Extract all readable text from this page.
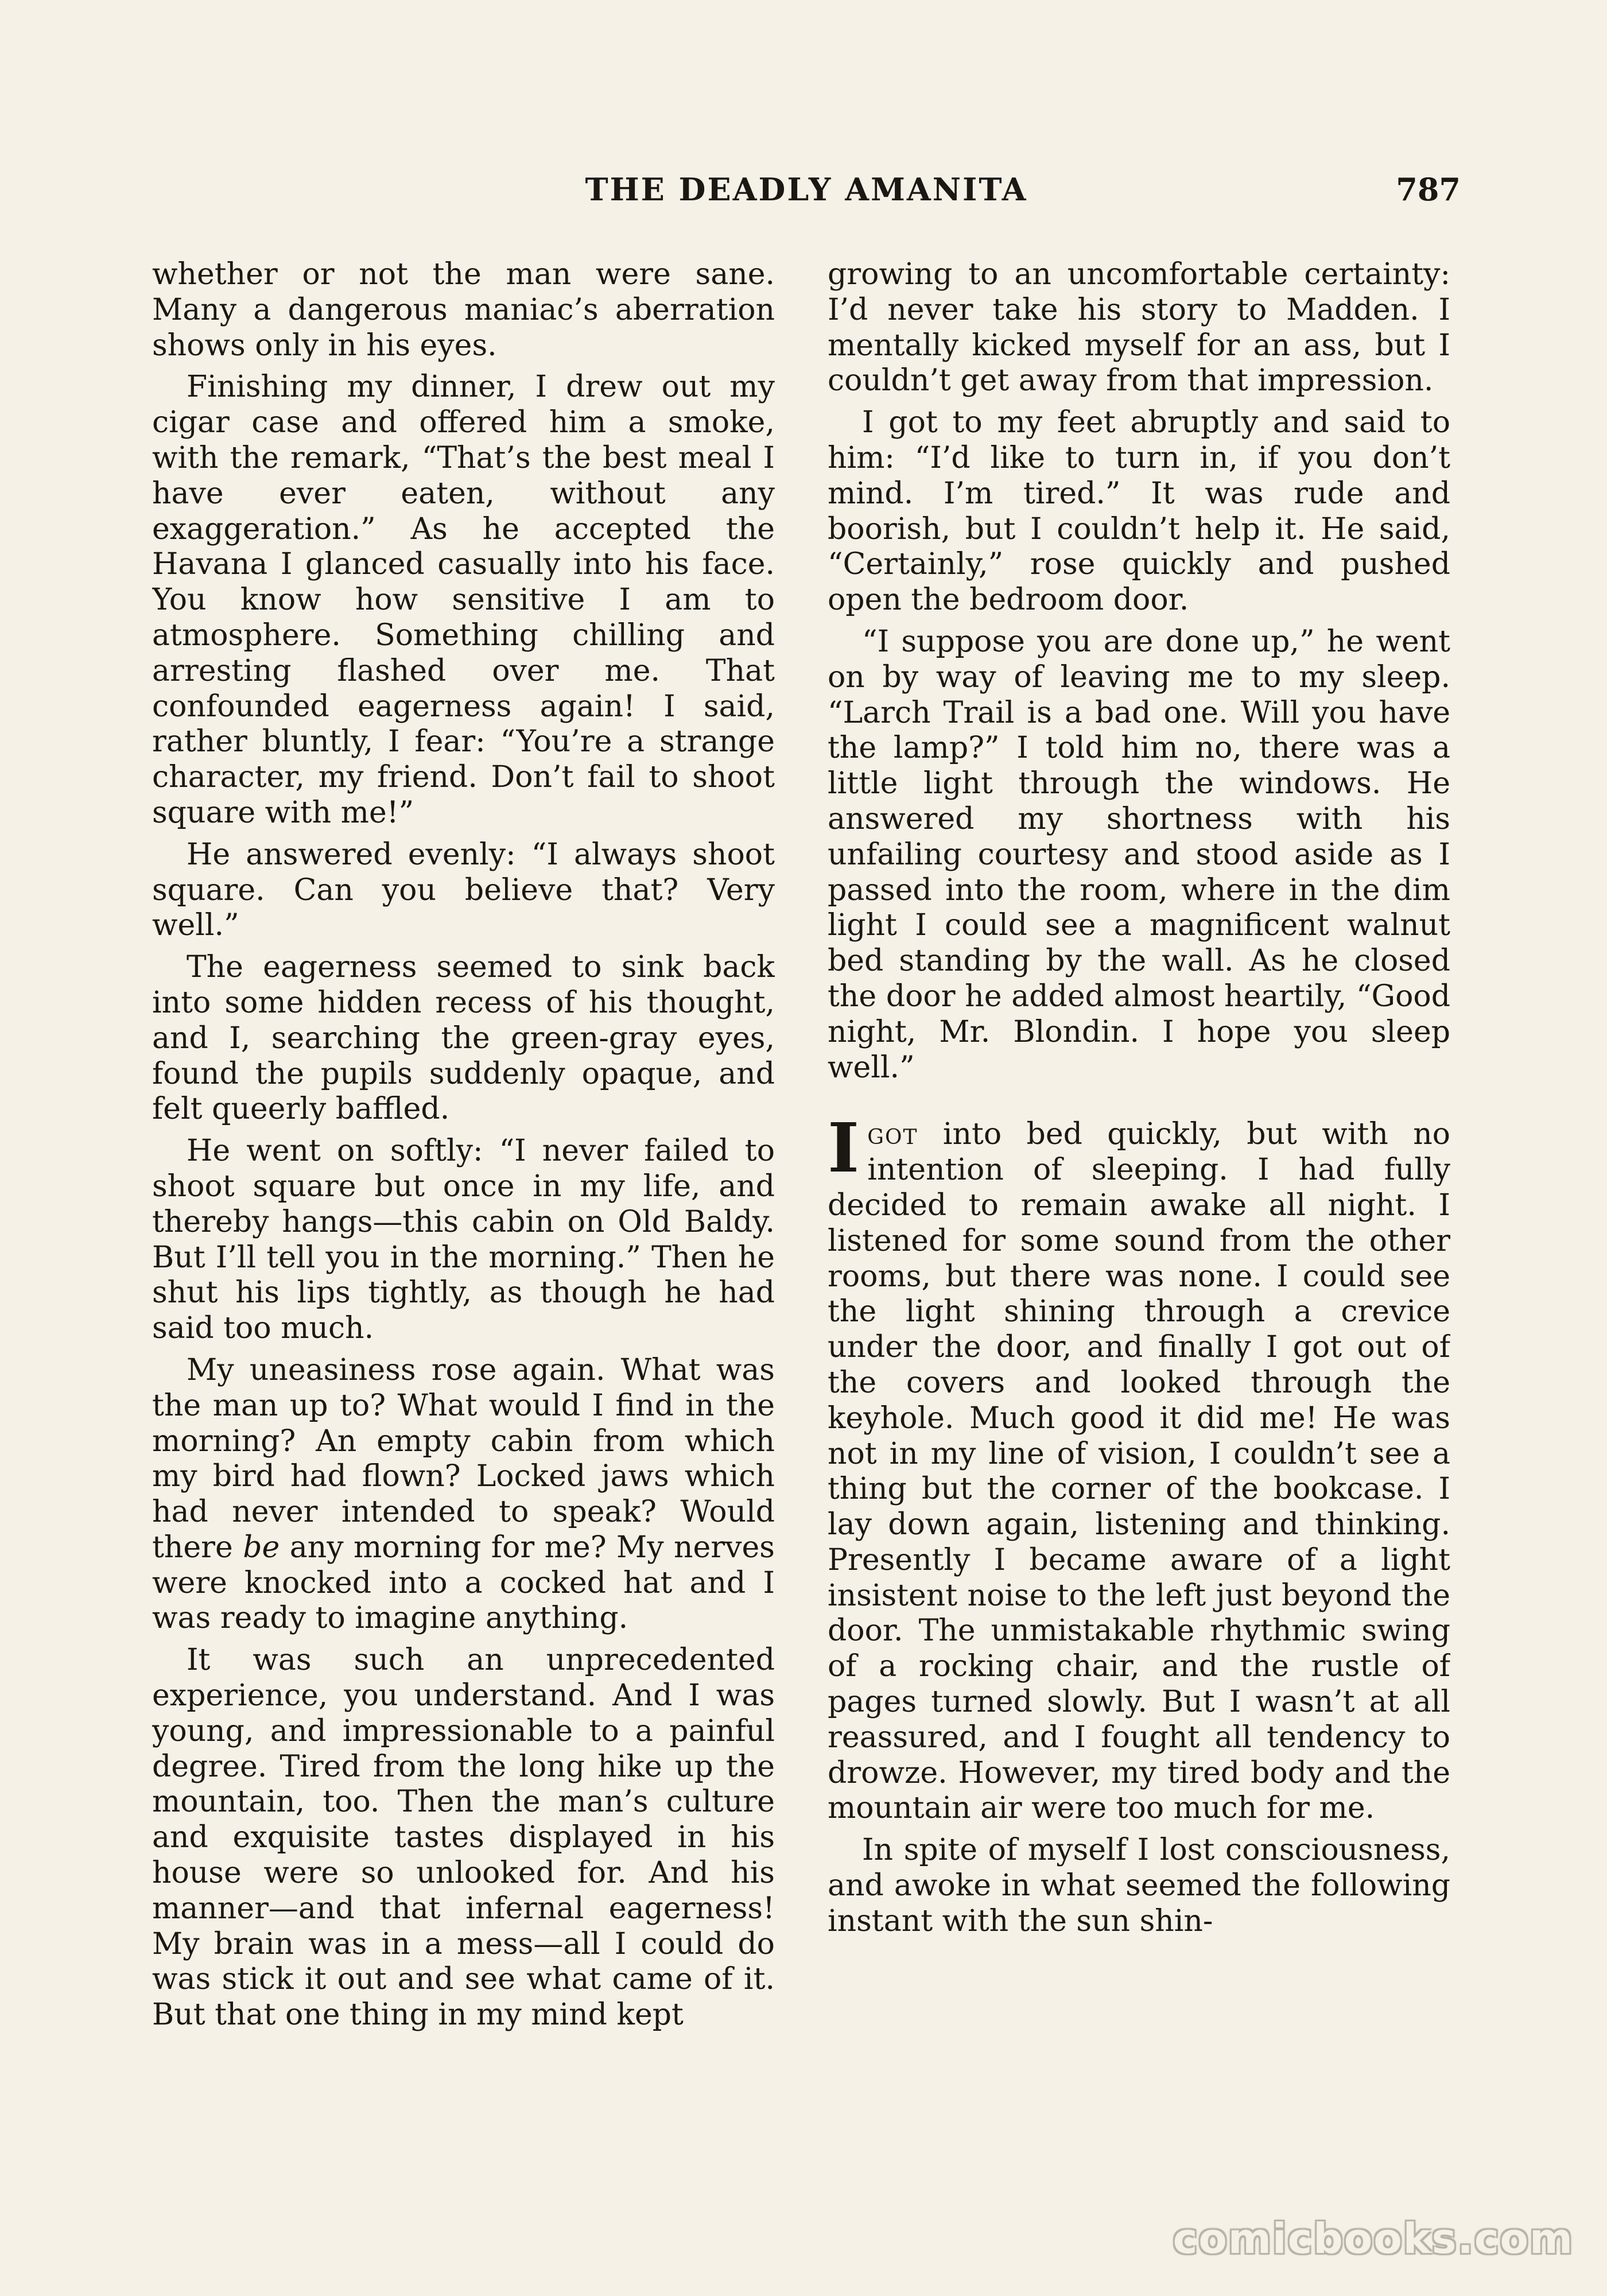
THE DEADLY AMANITA	787

whether or not the man were sane. Many a dangerous maniac’s aberration shows only in his eyes.

Finishing my dinner, I drew out my cigar case and offered him a smoke, with the remark, “That’s the best meal I have ever eaten, without any exaggeration.” As he accepted the Havana I glanced casually into his face. You know how sensitive I am to atmosphere. Something chilling and arresting flashed over me. That confounded eagerness again! I said, rather bluntly, I fear: “You’re a strange character, my friend. Don’t fail to shoot square with me!”

He answered evenly: “I always shoot square. Can you believe that? Very well.”

The eagerness seemed to sink back into some hidden recess of his thought, and I, searching the green-gray eyes, found the pupils suddenly opaque, and felt queerly baffled.

He went on softly: “I never failed to shoot square but once in my life, and thereby hangs—this cabin on Old Baldy. But I’ll tell you in the morning.” Then he shut his lips tightly, as though he had said too much.

My uneasiness rose again. What was the man up to? What would I find in the morning? An empty cabin from which my bird had flown? Locked jaws which had never intended to speak? Would there be any morning for me? My nerves were knocked into a cocked hat and I was ready to imagine anything.

It was such an unprecedented experience, you understand. And I was young, and impressionable to a painful degree. Tired from the long hike up the mountain, too. Then the man’s culture and exquisite tastes displayed in his house were so unlooked for. And his manner—and that infernal eagerness! My brain was in a mess—all I could do was stick it out and see what came of it. But that one thing in my mind kept

growing to an uncomfortable certainty: I’d never take his story to Madden. I mentally kicked myself for an ass, but I couldn’t get away from that impression.

I got to my feet abruptly and said to him: “I’d like to turn in, if you don’t mind. I’m tired.” It was rude and boorish, but I couldn’t help it. He said, “Certainly,” rose quickly and pushed open the bedroom door.

“I suppose you are done up,” he went on by way of leaving me to my sleep. “Larch Trail is a bad one. Will you have the lamp?” I told him no, there was a little light through the windows. He answered my shortness with his unfailing courtesy and stood aside as I passed into the room, where in the dim light I could see a magnificent walnut bed standing by the wall. As he closed the door he added almost heartily, “Good night, Mr. Blondin. I hope you sleep well.”

Igot into bed quickly, but with no intention of sleeping. I had fully decided to remain awake all night. I listened for some sound from the other rooms, but there was none. I could see the light shining through a crevice under the door, and finally I got out of the covers and looked through the keyhole. Much good it did me! He was not in my line of vision, I couldn’t see a thing but the corner of the bookcase. I lay down again, listening and thinking. Presently I became aware of a light insistent noise to the left just beyond the door. The unmistakable rhythmic swing of a rocking chair, and the rustle of pages turned slowly. But I wasn’t at all reassured, and I fought all tendency to drowze. However, my tired body and the mountain air were too much for me.

In spite of myself I lost consciousness, and awoke in what seemed the following instant with the sun shin-

comicbooks.com
